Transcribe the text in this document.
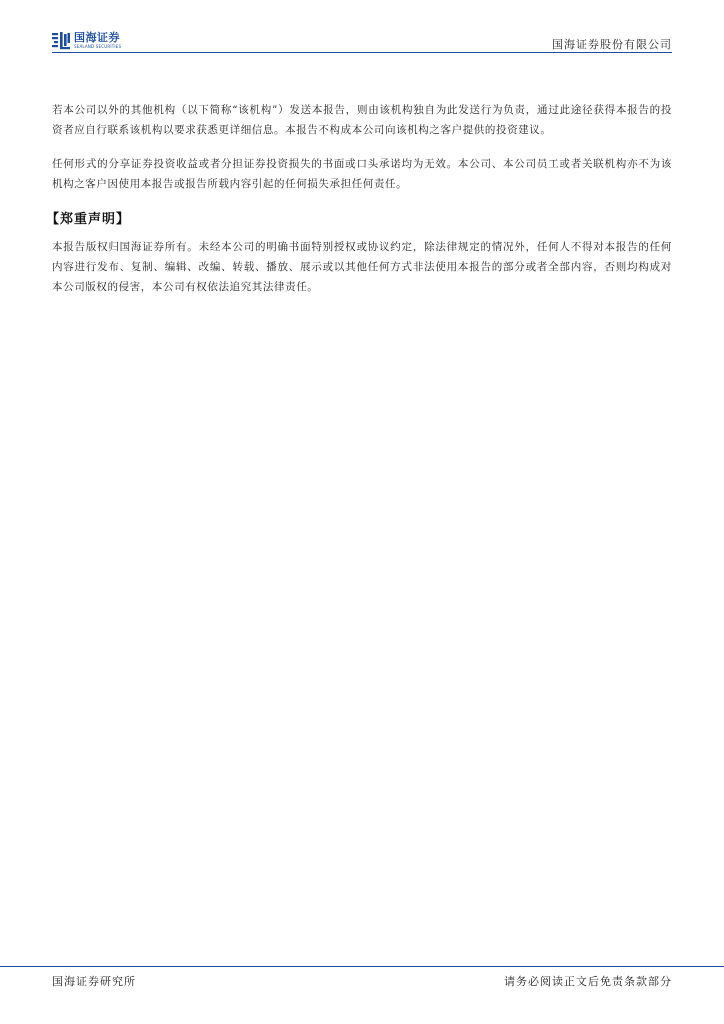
国海证券
SEALAND SECURITIES	国海证券股份有限公司

若本公司以外的其他机构（以下简称“该机构”）发送本报告，则由该机构独自为此发送行为负责，通过此途径获得本报告的投资者应自行联系该机构以要求获悉更详细信息。本报告不构成本公司向该机构之客户提供的投资建议。

任何形式的分享证券投资收益或者分担证券投资损失的书面或口头承诺均为无效。本公司、本公司员工或者关联机构亦不为该机构之客户因使用本报告或报告所载内容引起的任何损失承担任何责任。

【郑重声明】

本报告版权归国海证券所有。未经本公司的明确书面特别授权或协议约定，除法律规定的情况外，任何人不得对本报告的任何内容进行发布、复制、编辑、改编、转载、播放、展示或以其他任何方式非法使用本报告的部分或者全部内容，否则均构成对本公司版权的侵害，本公司有权依法追究其法律责任。

国海证券研究所	请务必阅读正文后免责条款部分
